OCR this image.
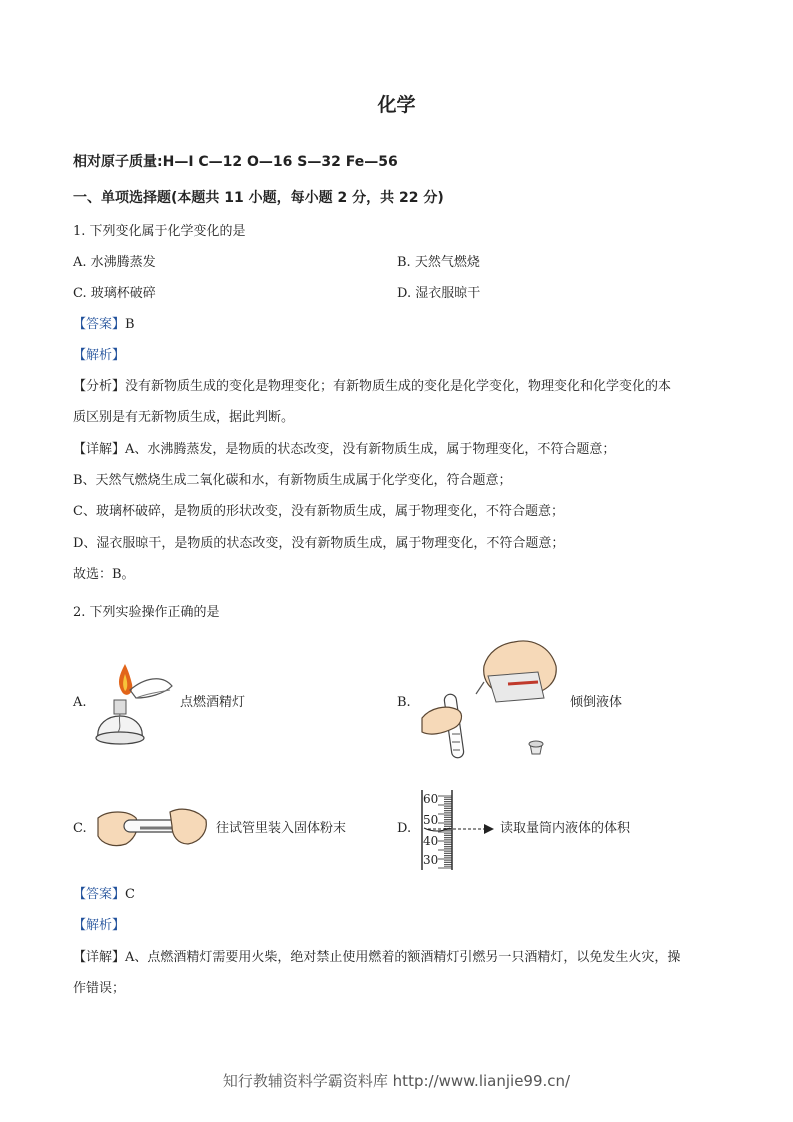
化学
相对原子质量:H—I C—12 O—16 S—32 Fe—56
一、单项选择题(本题共 11 小题，每小题 2 分，共 22 分)
1. 下列变化属于化学变化的是
A. 水沸腾蒸发	B. 天然气燃烧
C. 玻璃杯破碎	D. 湿衣服晾干
【答案】B
【解析】
【分析】没有新物质生成的变化是物理变化；有新物质生成的变化是化学变化，物理变化和化学变化的本
质区别是有无新物质生成，据此判断。
【详解】A、水沸腾蒸发，是物质的状态改变，没有新物质生成，属于物理变化，不符合题意；
B、天然气燃烧生成二氧化碳和水，有新物质生成属于化学变化，符合题意；
C、玻璃杯破碎，是物质的形状改变，没有新物质生成，属于物理变化，不符合题意；
D、湿衣服晾干，是物质的状态改变，没有新物质生成，属于物理变化，不符合题意；
故选：B。
2. 下列实验操作正确的是
A.	点燃酒精灯	B.	倾倒液体
C.	往试管里装入固体粉末	D.
60
50
40
30
读取量筒内液体的体积
【答案】C
【解析】
【详解】A、点燃酒精灯需要用火柴，绝对禁止使用燃着的额酒精灯引燃另一只酒精灯，以免发生火灾，操
作错误；
知行教辅资料学霸资料库 http://www.lianjie99.cn/
